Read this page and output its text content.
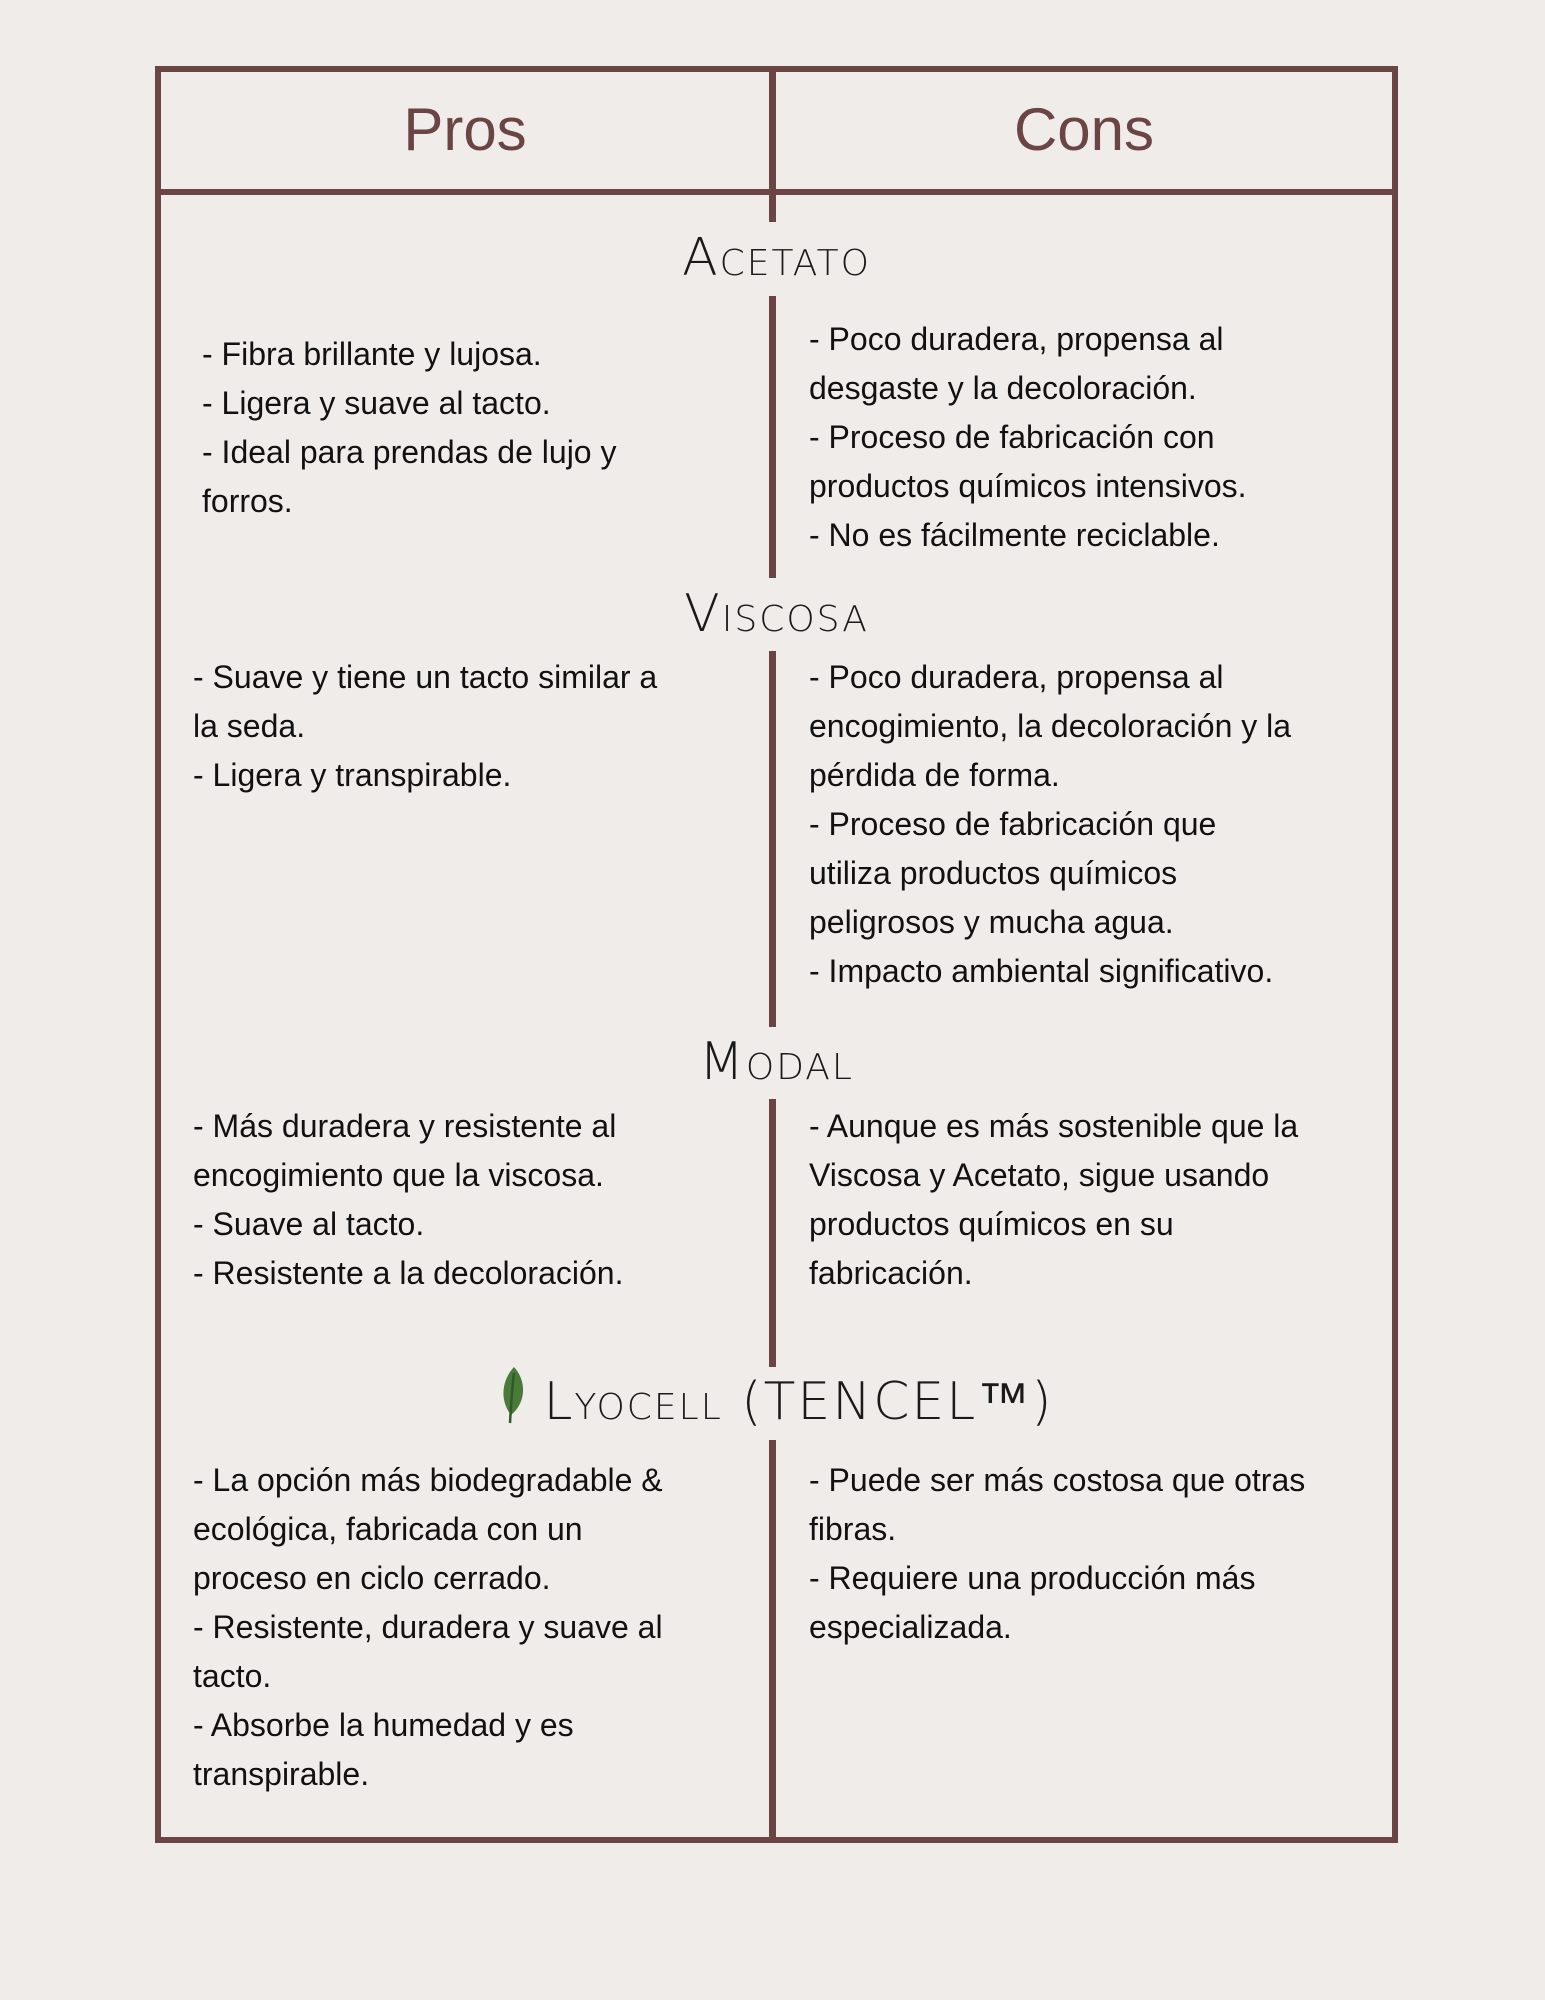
Pros	Cons
Acetato
- Fibra brillante y lujosa.
- Ligera y suave al tacto.
- Ideal para prendas de lujo y
forros.
- Poco duradera, propensa al
desgaste y la decoloración.
- Proceso de fabricación con
productos químicos intensivos.
- No es fácilmente reciclable.
Viscosa
- Suave y tiene un tacto similar a
la seda.
- Ligera y transpirable.
- Poco duradera, propensa al
encogimiento, la decoloración y la
pérdida de forma.
- Proceso de fabricación que
utiliza productos químicos
peligrosos y mucha agua.
- Impacto ambiental significativo.
Modal
- Más duradera y resistente al
encogimiento que la viscosa.
- Suave al tacto.
- Resistente a la decoloración.
- Aunque es más sostenible que la
Viscosa y Acetato, sigue usando
productos químicos en su
fabricación.
Lyocell (TENCEL™)
- La opción más biodegradable &
ecológica, fabricada con un
proceso en ciclo cerrado.
- Resistente, duradera y suave al
tacto.
- Absorbe la humedad y es
transpirable.
- Puede ser más costosa que otras
fibras.
- Requiere una producción más
especializada.
